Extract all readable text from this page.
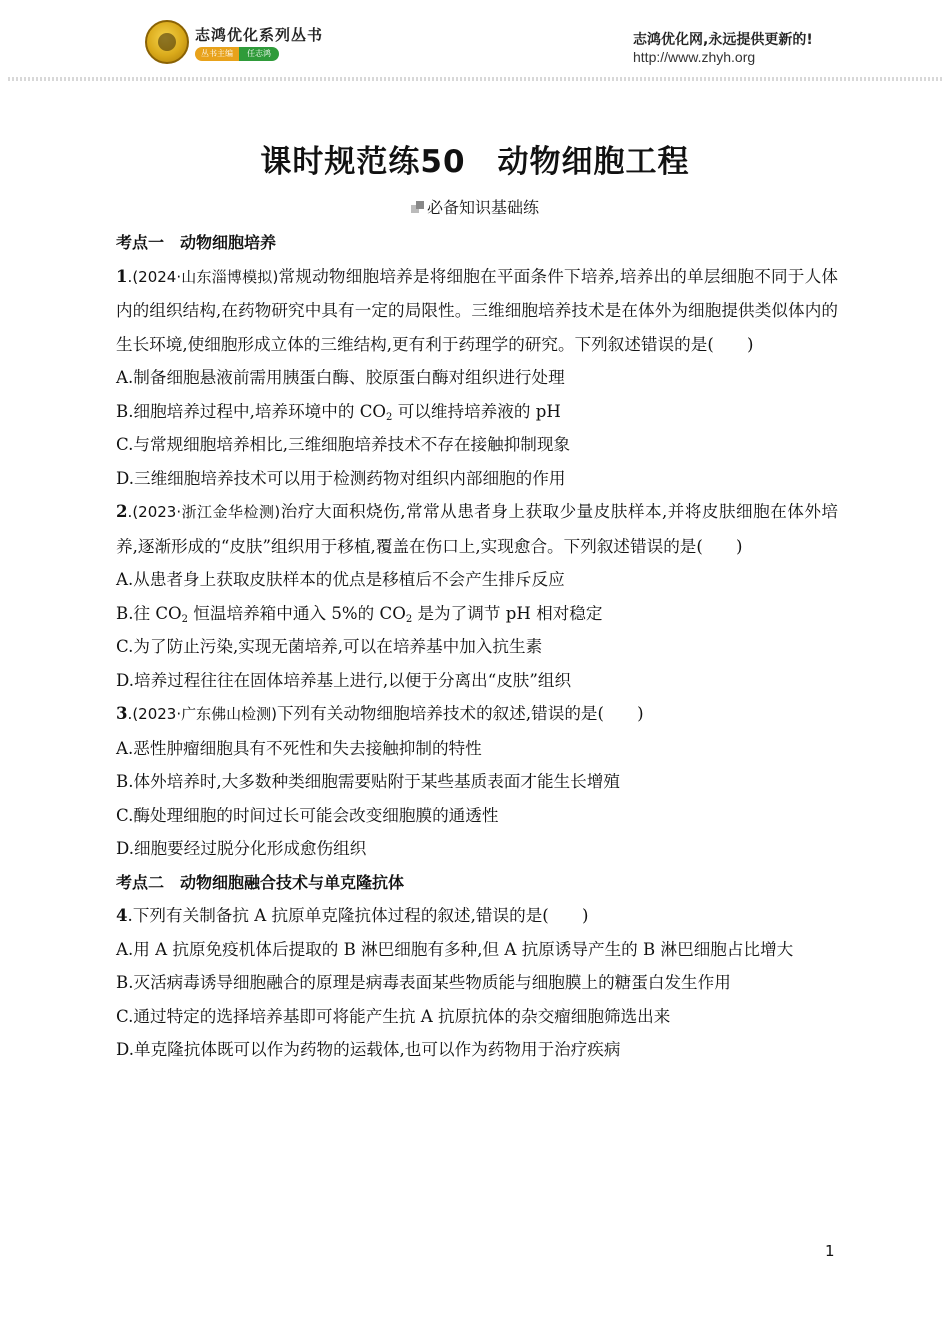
志鸿优化系列丛书
丛书主编	任志鸿
志鸿优化网,永远提供更新的!
http://www.zhyh.org
课时规范练50　动物细胞工程
必备知识基础练
考点一　动物细胞培养
1.(2024·山东淄博模拟)常规动物细胞培养是将细胞在平面条件下培养,培养出的单层细胞不同于人体内的组织结构,在药物研究中具有一定的局限性。三维细胞培养技术是在体外为细胞提供类似体内的生长环境,使细胞形成立体的三维结构,更有利于药理学的研究。下列叙述错误的是(　　)
A.制备细胞悬液前需用胰蛋白酶、胶原蛋白酶对组织进行处理
B.细胞培养过程中,培养环境中的 $CO_2$ 可以维持培养液的 pH
C.与常规细胞培养相比,三维细胞培养技术不存在接触抑制现象
D.三维细胞培养技术可以用于检测药物对组织内部细胞的作用
2.(2023·浙江金华检测)治疗大面积烧伤,常常从患者身上获取少量皮肤样本,并将皮肤细胞在体外培养,逐渐形成的“皮肤”组织用于移植,覆盖在伤口上,实现愈合。下列叙述错误的是(　　)
A.从患者身上获取皮肤样本的优点是移植后不会产生排斥反应
B.往 $CO_2$ 恒温培养箱中通入 5%的 $CO_2$ 是为了调节 pH 相对稳定
C.为了防止污染,实现无菌培养,可以在培养基中加入抗生素
D.培养过程往往在固体培养基上进行,以便于分离出“皮肤”组织
3.(2023·广东佛山检测)下列有关动物细胞培养技术的叙述,错误的是(　　)
A.恶性肿瘤细胞具有不死性和失去接触抑制的特性
B.体外培养时,大多数种类细胞需要贴附于某些基质表面才能生长增殖
C.酶处理细胞的时间过长可能会改变细胞膜的通透性
D.细胞要经过脱分化形成愈伤组织
考点二　动物细胞融合技术与单克隆抗体
4.下列有关制备抗 A 抗原单克隆抗体过程的叙述,错误的是(　　)
A.用 A 抗原免疫机体后提取的 B 淋巴细胞有多种,但 A 抗原诱导产生的 B 淋巴细胞占比增大
B.灭活病毒诱导细胞融合的原理是病毒表面某些物质能与细胞膜上的糖蛋白发生作用
C.通过特定的选择培养基即可将能产生抗 A 抗原抗体的杂交瘤细胞筛选出来
D.单克隆抗体既可以作为药物的运载体,也可以作为药物用于治疗疾病
1
